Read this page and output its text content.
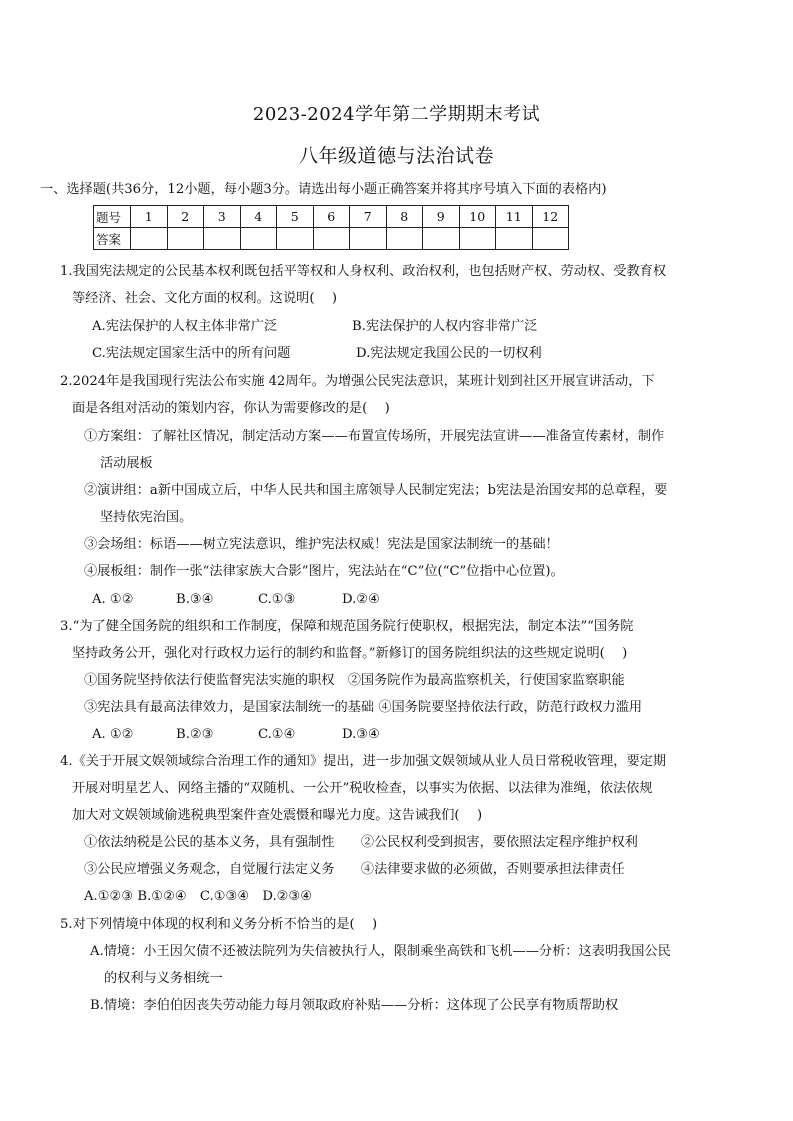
2023-2024学年第二学期期末考试
八年级道德与法治试卷
一、选择题(共36分，12小题，每小题3分。请选出每小题正确答案并将其序号填入下面的表格内)
题号	1	2	3	4	5	6	7	8	9	10	11	12
答案												
1.我国宪法规定的公民基本权利既包括平等权和人身权利、政治权利，也包括财产权、劳动权、受教育权
等经济、社会、文化方面的权利。这说明(　 )
A.宪法保护的人权主体非常广泛	B.宪法保护的人权内容非常广泛
C.宪法规定国家生活中的所有问题	D.宪法规定我国公民的一切权利
2.2024年是我国现行宪法公布实施 42周年。为增强公民宪法意识，某班计划到社区开展宣讲活动，下
面是各组对活动的策划内容，你认为需要修改的是(　 )
①方案组：了解社区情况，制定活动方案——布置宣传场所，开展宪法宣讲——准备宣传素材，制作
活动展板
②演讲组：a新中国成立后，中华人民共和国主席领导人民制定宪法；b宪法是治国安邦的总章程，要
坚持依宪治国。
③会场组：标语——树立宪法意识，维护宪法权威！宪法是国家法制统一的基础！
④展板组：制作一张“法律家族大合影”图片，宪法站在“C”位(“C”位指中心位置)。
A. ①②	B.③④	C.①③	D.②④
3.“为了健全国务院的组织和工作制度，保障和规范国务院行使职权，根据宪法，制定本法”“国务院
坚持政务公开，强化对行政权力运行的制约和监督。”新修订的国务院组织法的这些规定说明(　 )
①国务院坚持依法行使监督宪法实施的职权　②国务院作为最高监察机关，行使国家监察职能
③宪法具有最高法律效力，是国家法制统一的基础 ④国务院要坚持依法行政，防范行政权力滥用
A. ①②	B.②③	C.①④	D.③④
4.《关于开展文娱领域综合治理工作的通知》提出，进一步加强文娱领域从业人员日常税收管理，要定期
开展对明星艺人、网络主播的“双随机、一公开”税收检查，以事实为依据、以法律为准绳，依法依规
加大对文娱领域偷逃税典型案件查处震慑和曝光力度。这告诫我们(　 )
①依法纳税是公民的基本义务，具有强制性　　②公民权利受到损害，要依照法定程序维护权利
③公民应增强义务观念，自觉履行法定义务　　④法律要求做的必须做，否则要承担法律责任
A.①②③ B.①②④　C.①③④　D.②③④
5.对下列情境中体现的权利和义务分析不恰当的是(　 )
A.情境：小王因欠债不还被法院列为失信被执行人，限制乘坐高铁和飞机——分析：这表明我国公民
的权利与义务相统一
B.情境：李伯伯因丧失劳动能力每月领取政府补贴——分析：这体现了公民享有物质帮助权
